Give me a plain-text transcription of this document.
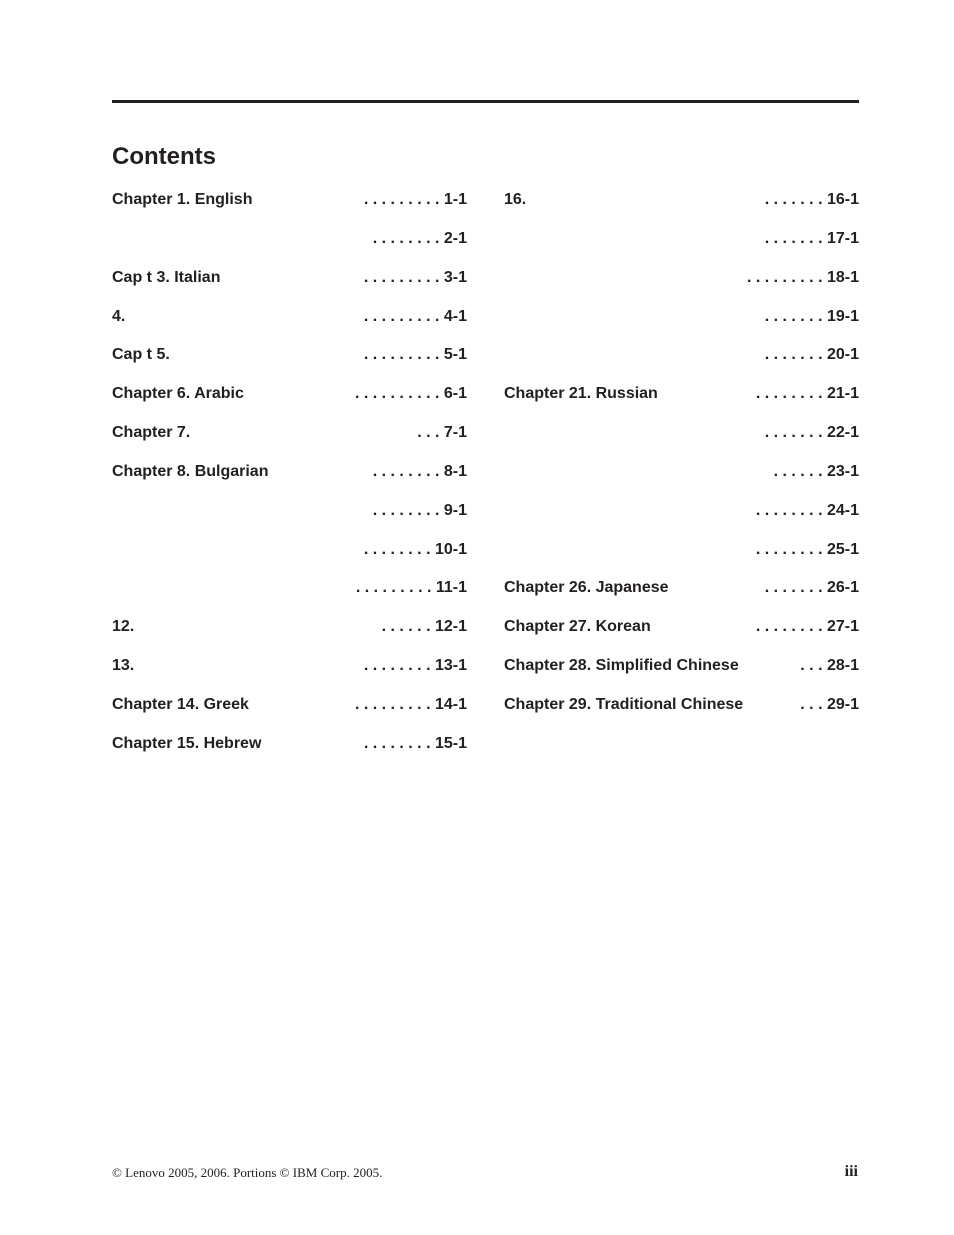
Contents
Chapter 1. English	. . . . . . . . . 1-1
. . . . . . . . 2-1
Cap t 3. Italian	. . . . . . . . . 3-1
4.	. . . . . . . . . 4-1
Cap t 5.	. . . . . . . . . 5-1
Chapter 6. Arabic	. . . . . . . . . . 6-1
Chapter 7.	. . . 7-1
Chapter 8. Bulgarian	. . . . . . . . 8-1
. . . . . . . . 9-1
. . . . . . . . 10-1
. . . . . . . . . 11-1
12.	. . . . . . 12-1
13.	. . . . . . . . 13-1
Chapter 14. Greek	. . . . . . . . . 14-1
Chapter 15. Hebrew	. . . . . . . . 15-1
16.	. . . . . . . 16-1
. . . . . . . 17-1
. . . . . . . . . 18-1
. . . . . . . 19-1
. . . . . . . 20-1
Chapter 21. Russian	. . . . . . . . 21-1
. . . . . . . 22-1
. . . . . . 23-1
. . . . . . . . 24-1
. . . . . . . . 25-1
Chapter 26. Japanese	. . . . . . . 26-1
Chapter 27. Korean	. . . . . . . . 27-1
Chapter 28. Simplified Chinese	. . . 28-1
Chapter 29. Traditional Chinese	. . . 29-1
© Lenovo 2005, 2006. Portions © IBM Corp. 2005.	iii
